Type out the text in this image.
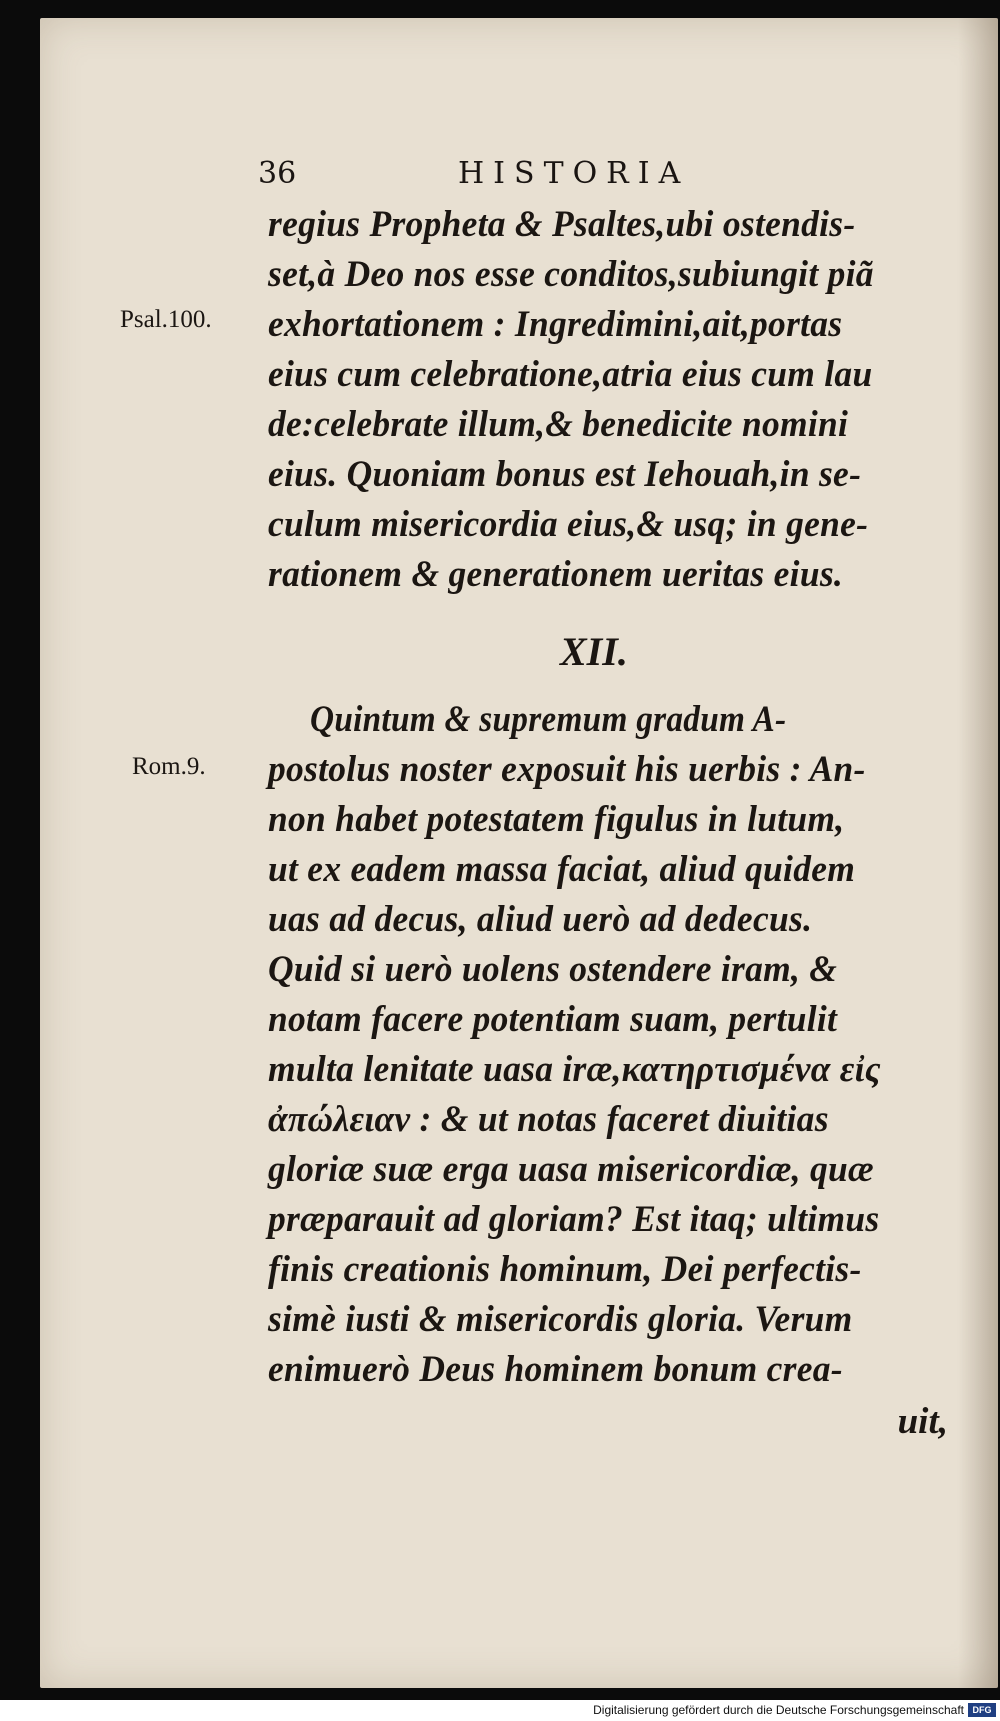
36	HISTORIA
Psal.100.
Rom.9.
regius Propheta & Psaltes,ubi ostendis-
set,à Deo nos esse conditos,subiungit piã
exhortationem : Ingredimini,ait,portas
eius cum celebratione,atria eius cum lau
de:celebrate illum,& benedicite nomini
eius. Quoniam bonus est Iehouah,in se-
culum misericordia eius,& usq; in gene-
rationem & generationem ueritas eius.
XII.
Quintum & supremum gradum A-
postolus noster exposuit his uerbis : An-
non habet potestatem figulus in lutum,
ut ex eadem massa faciat, aliud quidem
uas ad decus, aliud uerò ad dedecus.
Quid si uerò uolens ostendere iram, &
notam facere potentiam suam, pertulit
multa lenitate uasa iræ,κατηρτισμένα εἰς
ἀπώλειαν : & ut notas faceret diuitias
gloriæ suæ erga uasa misericordiæ, quæ
præparauit ad gloriam? Est itaq; ultimus
finis creationis hominum, Dei perfectis-
simè iusti & misericordis gloria. Verum
enimuerò Deus hominem bonum crea-
uit,
Digitalisierung gefördert durch die Deutsche Forschungsgemeinschaft DFG
